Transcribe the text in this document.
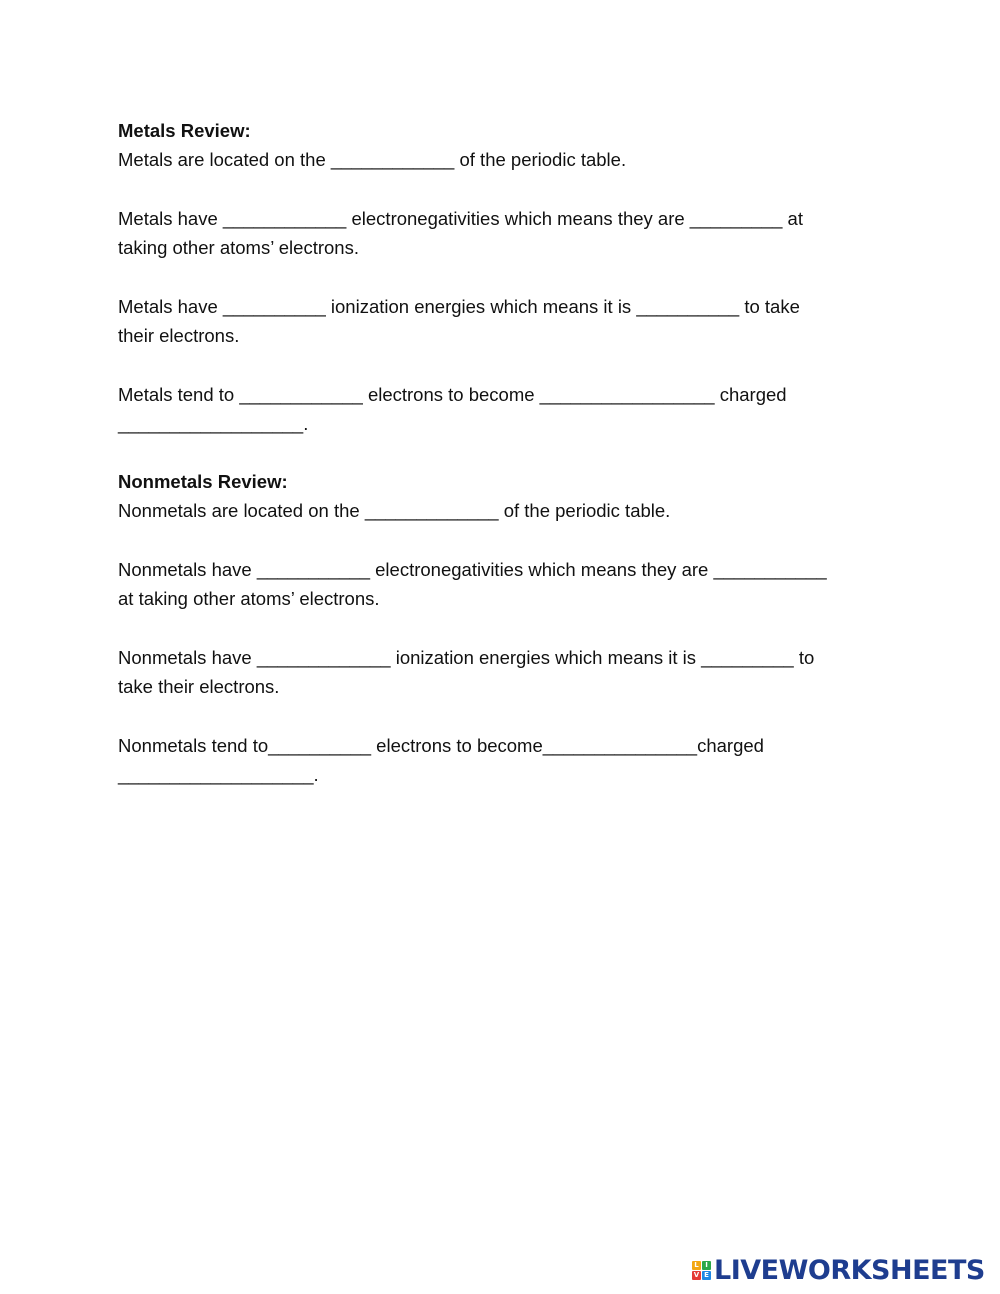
Metals Review:

Metals are located on the ____________ of the periodic table.

Metals have ____________ electronegativities which means they are _________ at

taking other atoms’ electrons.

Metals have __________ ionization energies which means it is __________ to take

their electrons.

Metals tend to ____________ electrons to become _________________ charged

__________________.

Nonmetals Review:

Nonmetals are located on the _____________ of the periodic table.

Nonmetals have ___________ electronegativities which means they are ___________

at taking other atoms’ electrons.

Nonmetals have _____________ ionization energies which means it is _________ to

take their electrons.

Nonmetals tend to__________ electrons to become_______________charged

___________________.

L I
V E LIVEWORKSHEETS
